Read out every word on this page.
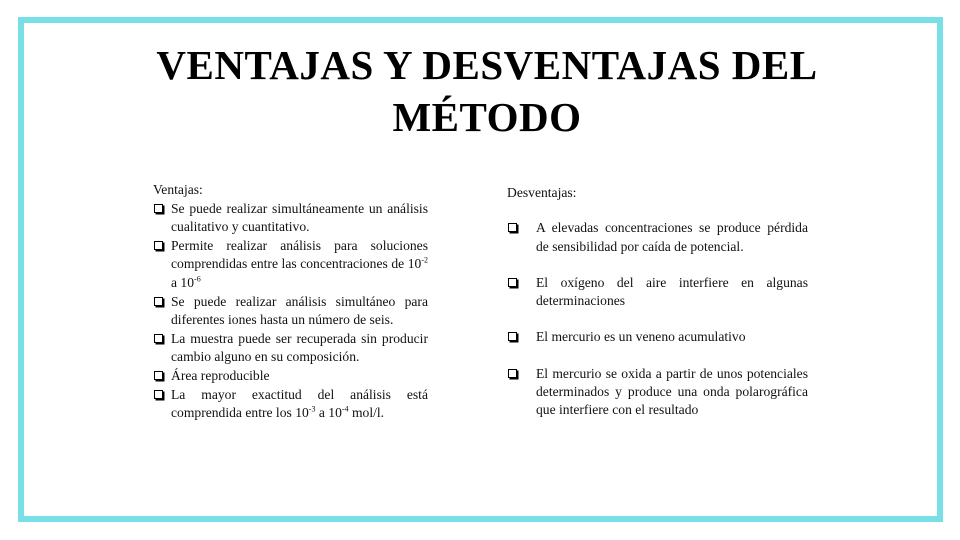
VENTAJAS Y DESVENTAJAS DEL
MÉTODO
Ventajas:
Se puede realizar simultáneamente un análisis cualitativo y cuantitativo.
Permite realizar análisis para soluciones comprendidas entre las concentraciones de $10^{-2}$ a $10^{-6}$
Se puede realizar análisis simultáneo para diferentes iones hasta un número de seis.
La muestra puede ser recuperada sin producir cambio alguno en su composición.
Área reproducible
La mayor exactitud del análisis está comprendida entre los $10^{-3}$ a $10^{-4}$ mol/l.
Desventajas:
A elevadas concentraciones se produce pérdida de sensibilidad por caída de potencial.
El oxígeno del aire interfiere en algunas determinaciones
El mercurio es un veneno acumulativo
El mercurio se oxida a partir de unos potenciales determinados y produce una onda polarográfica que interfiere con el resultado
